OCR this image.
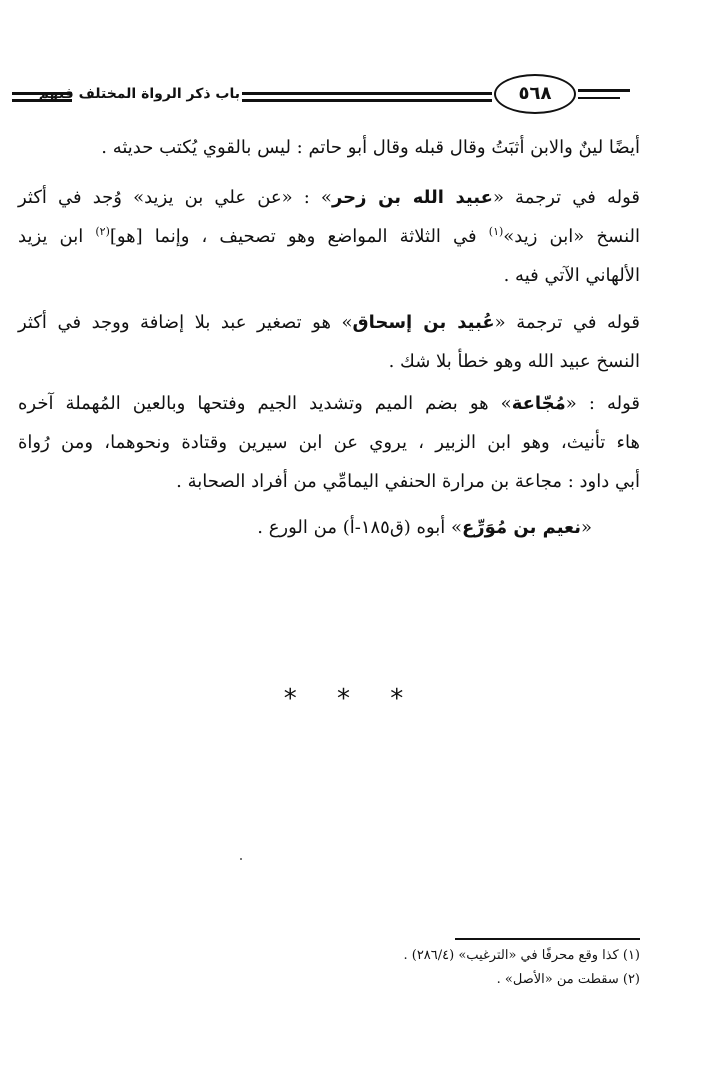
باب ذكر الرواة المختلف فيهم	٥٦٨
أيضًا لينٌ والابن أثبَتُ وقال قبله وقال أبو حاتم : ليس بالقوي يُكتب حديثه .
قوله في ترجمة «عبيد الله بن زحر» : «عن علي بن يزيد» وُجد في أكثر
النسخ «ابن زيد»$^{(١)}$ في الثلاثة المواضع وهو تصحيف ، وإنما [هو]$^{(٢)}$ ابن يزيد
الألهاني الآتي فيه .
قوله في ترجمة «عُبيد بن إسحاق» هو تصغير عبد بلا إضافة ووجد في أكثر
النسخ عبيد الله وهو خطأ بلا شك .
قوله : «مُجّاعة» هو بضم الميم وتشديد الجيم وفتحها وبالعين المُهملة آخره
هاء تأنيث، وهو ابن الزبير ، يروي عن ابن سيرين وقتادة ونحوهما، ومن رُواة
أبي داود : مجاعة بن مرارة الحنفي اليمامِّي من أفراد الصحابة .
«نعيم بن مُوَرِّع» أبوه (ق١٨٥-أ) من الورع .
* * *
(١) كذا وقع محرفًا في «الترغيب» (٢٨٦/٤) .
(٢) سقطت من «الأصل» .
